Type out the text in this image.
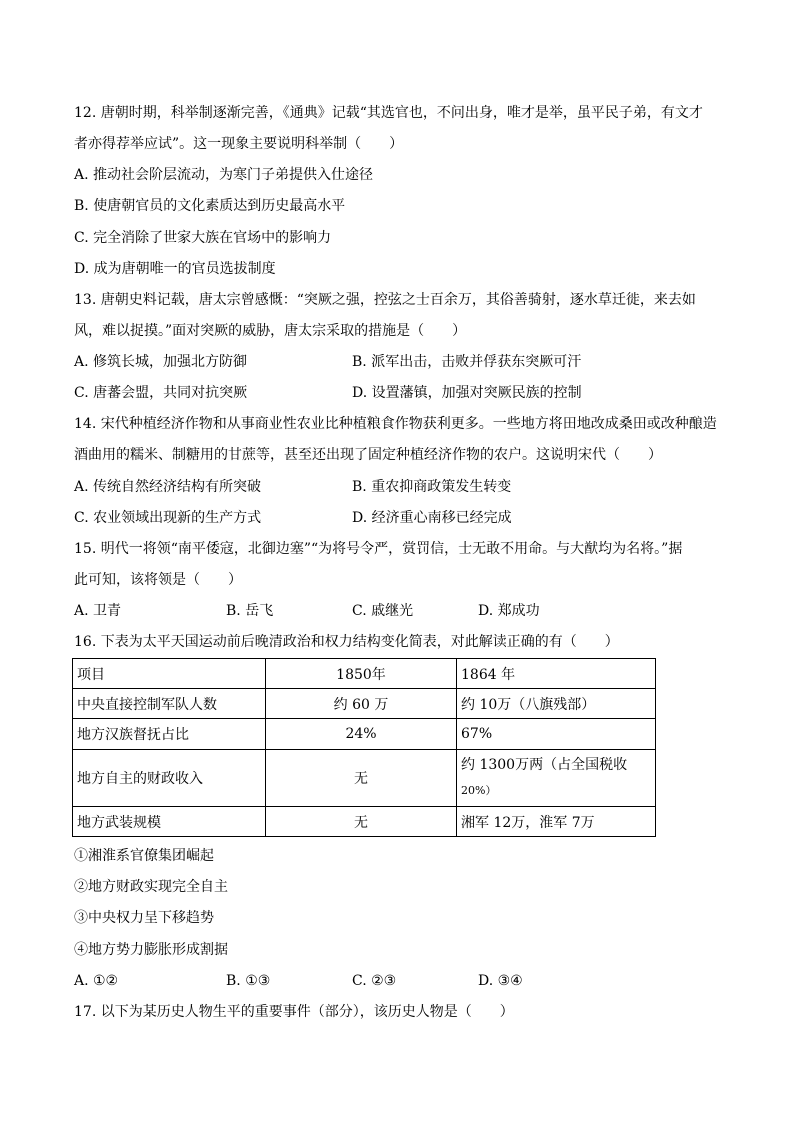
12. 唐朝时期，科举制逐渐完善，《通典》记载“其选官也，不问出身，唯才是举，虽平民子弟，有文才
者亦得荐举应试”。这一现象主要说明科举制（　　）
A. 推动社会阶层流动，为寒门子弟提供入仕途径
B. 使唐朝官员的文化素质达到历史最高水平
C. 完全消除了世家大族在官场中的影响力
D. 成为唐朝唯一的官员选拔制度
13. 唐朝史料记载，唐太宗曾感慨：“突厥之强，控弦之士百余万，其俗善骑射，逐水草迁徙，来去如
风，难以捉摸。”面对突厥的威胁，唐太宗采取的措施是（　　）
A. 修筑长城，加强北方防御	B. 派军出击，击败并俘获东突厥可汗
C. 唐蕃会盟，共同对抗突厥	D. 设置藩镇，加强对突厥民族的控制
14. 宋代种植经济作物和从事商业性农业比种植粮食作物获利更多。一些地方将田地改成桑田或改种酿造
酒曲用的糯米、制糖用的甘蔗等，甚至还出现了固定种植经济作物的农户。这说明宋代（　　）
A. 传统自然经济结构有所突破	B. 重农抑商政策发生转变
C. 农业领域出现新的生产方式	D. 经济重心南移已经完成
15. 明代一将领“南平倭寇，北御边塞”“为将号令严，赏罚信，士无敢不用命。与大猷均为名将。”据
此可知，该将领是（　　）
A. 卫青	B. 岳飞	C. 戚继光	D. 郑成功
16. 下表为太平天国运动前后晚清政治和权力结构变化简表，对此解读正确的有（　　）
项目	1850年	1864 年
中央直接控制军队人数	约 60 万	约 10万（八旗残部）
地方汉族督抚占比	24%	67%
地方自主的财政收入	无	约 1300万两（占全国税收
20%）

地方武装规模	无	湘军 12万，淮军 7万
①湘淮系官僚集团崛起
②地方财政实现完全自主
③中央权力呈下移趋势
④地方势力膨胀形成割据
A. ①②	B. ①③	C. ②③	D. ③④
17. 以下为某历史人物生平的重要事件（部分），该历史人物是（　　）
